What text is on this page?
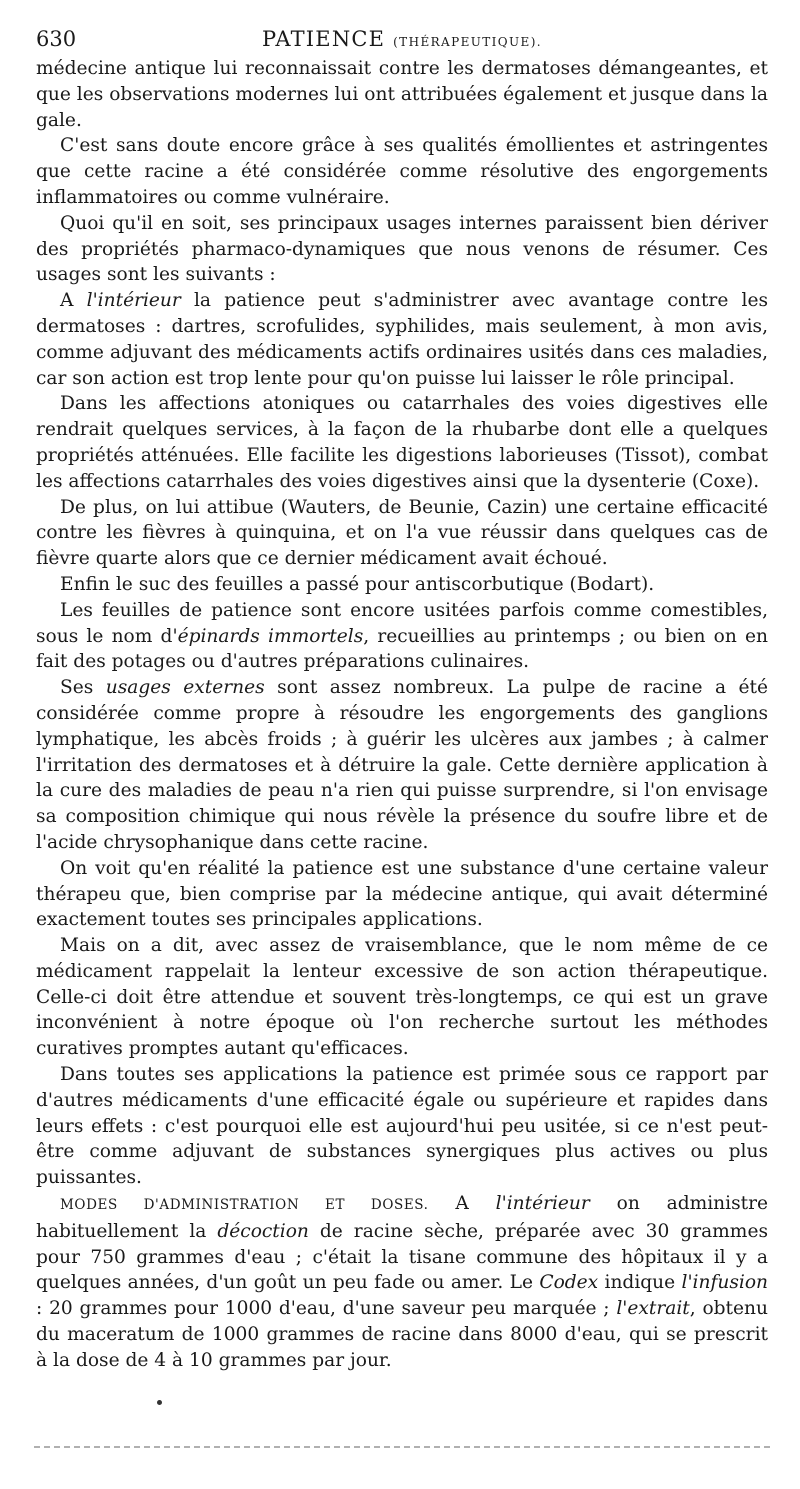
630	PATIENCE (THÉRAPEUTIQUE).

médecine antique lui reconnaissait contre les dermatoses démangeantes, et que les observations modernes lui ont attribuées également et jusque dans la gale.

C'est sans doute encore grâce à ses qualités émollientes et astringentes que cette racine a été considérée comme résolutive des engorgements inflammatoires ou comme vulnéraire.

Quoi qu'il en soit, ses principaux usages internes paraissent bien dériver des propriétés pharmaco-dynamiques que nous venons de résumer. Ces usages sont les suivants :

A l'intérieur la patience peut s'administrer avec avantage contre les dermatoses : dartres, scrofulides, syphilides, mais seulement, à mon avis, comme adjuvant des médicaments actifs ordinaires usités dans ces maladies, car son action est trop lente pour qu'on puisse lui laisser le rôle principal.

Dans les affections atoniques ou catarrhales des voies digestives elle rendrait quelques services, à la façon de la rhubarbe dont elle a quelques propriétés atténuées. Elle facilite les digestions laborieuses (Tissot), combat les affections catarrhales des voies digestives ainsi que la dysenterie (Coxe).

De plus, on lui attibue (Wauters, de Beunie, Cazin) une certaine efficacité contre les fièvres à quinquina, et on l'a vue réussir dans quelques cas de fièvre quarte alors que ce dernier médicament avait échoué.

Enfin le suc des feuilles a passé pour antiscorbutique (Bodart).

Les feuilles de patience sont encore usitées parfois comme comestibles, sous le nom d'épinards immortels, recueillies au printemps ; ou bien on en fait des potages ou d'autres préparations culinaires.

Ses usages externes sont assez nombreux. La pulpe de racine a été considérée comme propre à résoudre les engorgements des ganglions lymphatique, les abcès froids ; à guérir les ulcères aux jambes ; à calmer l'irritation des dermatoses et à détruire la gale. Cette dernière application à la cure des maladies de peau n'a rien qui puisse surprendre, si l'on envisage sa composition chimique qui nous révèle la présence du soufre libre et de l'acide chrysophanique dans cette racine.

On voit qu'en réalité la patience est une substance d'une certaine valeur thérapeu que, bien comprise par la médecine antique, qui avait déterminé exactement toutes ses principales applications.

Mais on a dit, avec assez de vraisemblance, que le nom même de ce médicament rappelait la lenteur excessive de son action thérapeutique. Celle-ci doit être attendue et souvent très-longtemps, ce qui est un grave inconvénient à notre époque où l'on recherche surtout les méthodes curatives promptes autant qu'efficaces.

Dans toutes ses applications la patience est primée sous ce rapport par d'autres médicaments d'une efficacité égale ou supérieure et rapides dans leurs effets : c'est pourquoi elle est aujourd'hui peu usitée, si ce n'est peut-être comme adjuvant de substances synergiques plus actives ou plus puissantes.

MODES D'ADMINISTRATION ET DOSES. A l'intérieur on administre habituellement la décoction de racine sèche, préparée avec 30 grammes pour 750 grammes d'eau ; c'était la tisane commune des hôpitaux il y a quelques années, d'un goût un peu fade ou amer. Le Codex indique l'infusion : 20 grammes pour 1000 d'eau, d'une saveur peu marquée ; l'extrait, obtenu du maceratum de 1000 grammes de racine dans 8000 d'eau, qui se prescrit à la dose de 4 à 10 grammes par jour.
